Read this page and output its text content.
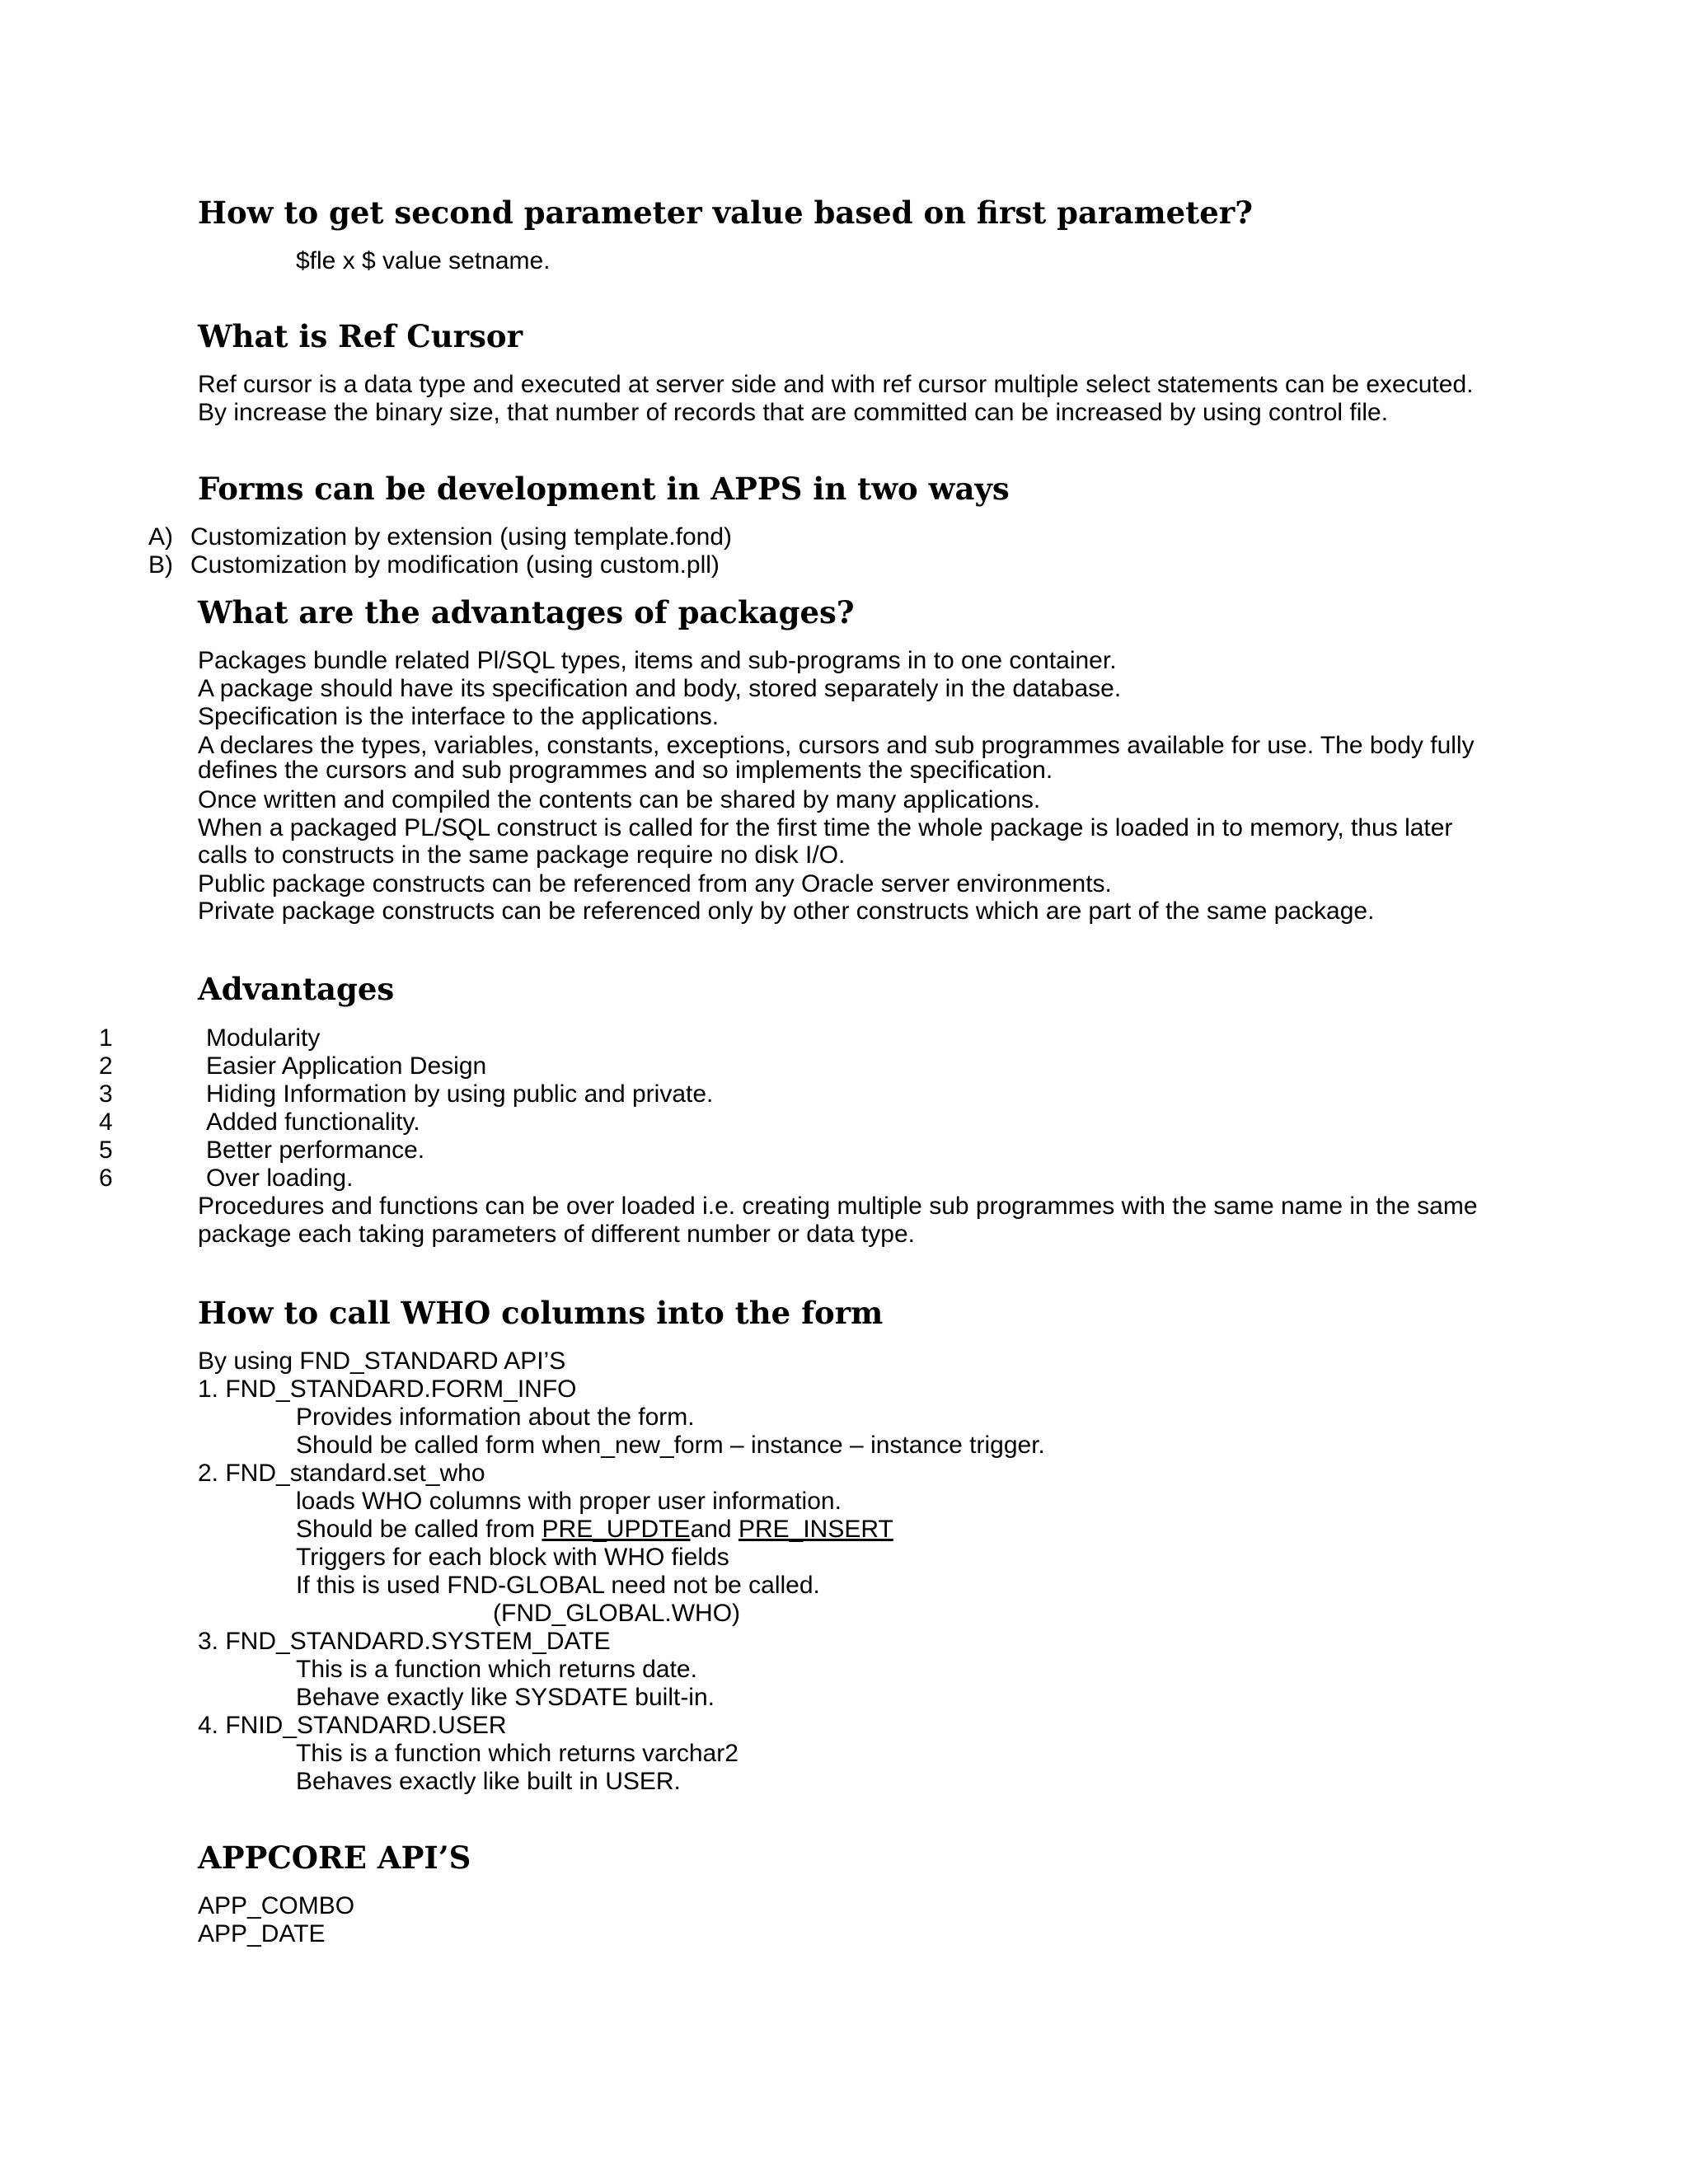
How to get second parameter value based on first parameter?
$fle x $ value setname.
What is Ref Cursor
Ref cursor is a data type and executed at server side and with ref cursor multiple select statements can be executed.
By increase the binary size, that number of records that are committed can be increased by using control file.
Forms can be development in APPS in two ways
A) Customization by extension (using template.fond)
B) Customization by modification (using custom.pll)
What are the advantages of packages?
Packages bundle related Pl/SQL types, items and sub-programs in to one container.
A package should have its specification and body, stored separately in the database.
Specification is the interface to the applications.
A declares the types, variables, constants, exceptions, cursors and sub programmes available for use. The body fully
defines the cursors and sub programmes and so implements the specification.
Once written and compiled the contents can be shared by many applications.
When a packaged PL/SQL construct is called for the first time the whole package is loaded in to memory, thus later
calls to constructs in the same package require no disk I/O.
Public package constructs can be referenced from any Oracle server environments.
Private package constructs can be referenced only by other constructs which are part of the same package.
Advantages
1	Modularity
2	Easier Application Design
3	Hiding Information by using public and private.
4	Added functionality.
5	Better performance.
6	Over loading.
Procedures and functions can be over loaded i.e. creating multiple sub programmes with the same name in the same
package each taking parameters of different number or data type.
How to call WHO columns into the form
By using FND_STANDARD API’S
1. FND_STANDARD.FORM_INFO
Provides information about the form.
Should be called form when_new_form – instance – instance trigger.
2. FND_standard.set_who
loads WHO columns with proper user information.
Should be called from PRE_UPDTEand PRE_INSERT
Triggers for each block with WHO fields
If this is used FND-GLOBAL need not be called.
(FND_GLOBAL.WHO)
3. FND_STANDARD.SYSTEM_DATE
This is a function which returns date.
Behave exactly like SYSDATE built-in.
4. FNID_STANDARD.USER
This is a function which returns varchar2
Behaves exactly like built in USER.
APPCORE API’S
APP_COMBO
APP_DATE
